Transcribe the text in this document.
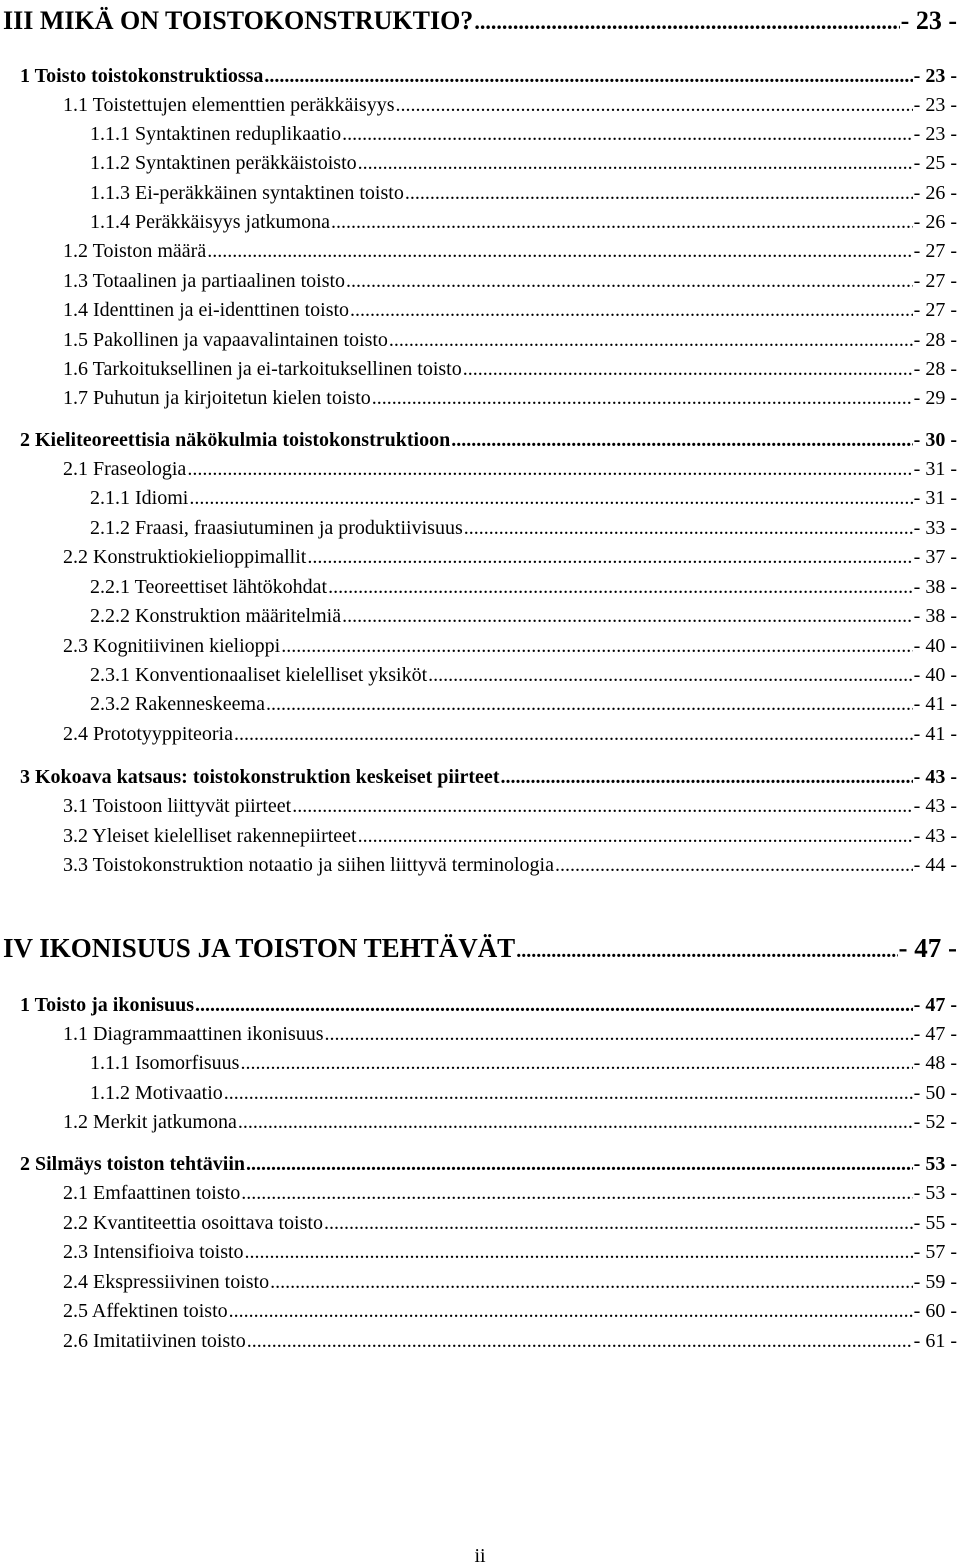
III MIKÄ ON TOISTOKONSTRUKTIO? .....	- 23 -
1 Toisto toistokonstruktiossa .....	- 23 -
1.1 Toistettujen elementtien peräkkäisyys .....	- 23 -
1.1.1 Syntaktinen reduplikaatio .....	- 23 -
1.1.2 Syntaktinen peräkkäistoisto .....	- 25 -
1.1.3 Ei-peräkkäinen syntaktinen toisto .....	- 26 -
1.1.4 Peräkkäisyys jatkumona .....	- 26 -
1.2 Toiston määrä .....	- 27 -
1.3 Totaalinen ja partiaalinen toisto .....	- 27 -
1.4 Identtinen ja ei-identtinen toisto .....	- 27 -
1.5 Pakollinen ja vapaavalintainen toisto .....	- 28 -
1.6 Tarkoituksellinen ja ei-tarkoituksellinen toisto .....	- 28 -
1.7 Puhutun ja kirjoitetun kielen toisto .....	- 29 -
2 Kieliteoreettisia näkökulmia toistokonstruktioon .....	- 30 -
2.1 Fraseologia .....	- 31 -
2.1.1 Idiomi .....	- 31 -
2.1.2 Fraasi, fraasiutuminen ja produktiivisuus .....	- 33 -
2.2 Konstruktiokielioppimallit .....	- 37 -
2.2.1 Teoreettiset lähtökohdat .....	- 38 -
2.2.2 Konstruktion määritelmiä .....	- 38 -
2.3 Kognitiivinen kielioppi .....	- 40 -
2.3.1 Konventionaaliset kielelliset yksiköt .....	- 40 -
2.3.2 Rakenneskeema .....	- 41 -
2.4 Prototyyppiteoria .....	- 41 -
3 Kokoava katsaus: toistokonstruktion keskeiset piirteet .....	- 43 -
3.1 Toistoon liittyvät piirteet .....	- 43 -
3.2 Yleiset kielelliset rakennepiirteet .....	- 43 -
3.3 Toistokonstruktion notaatio ja siihen liittyvä terminologia .....	- 44 -
IV IKONISUUS JA TOISTON TEHTÄVÄT .....	- 47 -
1 Toisto ja ikonisuus .....	- 47 -
1.1 Diagrammaattinen ikonisuus .....	- 47 -
1.1.1 Isomorfisuus .....	- 48 -
1.1.2 Motivaatio .....	- 50 -
1.2 Merkit jatkumona .....	- 52 -
2 Silmäys toiston tehtäviin .....	- 53 -
2.1 Emfaattinen toisto .....	- 53 -
2.2 Kvantiteettia osoittava toisto .....	- 55 -
2.3 Intensifioiva toisto .....	- 57 -
2.4 Ekspressiivinen toisto .....	- 59 -
2.5 Affektinen toisto .....	- 60 -
2.6 Imitatiivinen toisto .....	- 61 -
ii
